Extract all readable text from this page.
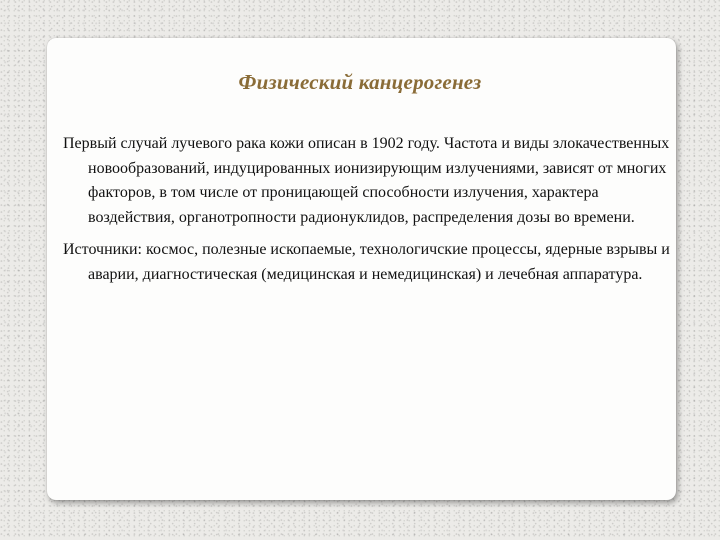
Физический канцерогенез
Первый случай лучевого рака кожи описан в 1902 году. Частота и виды злокачественных новообразований, индуцированных ионизирующим излучениями, зависят от многих факторов, в том числе от проницающей способности излучения, характера воздействия, органотропности радионуклидов, распределения дозы во времени.
Источники: космос, полезные ископаемые, технологичские процессы, ядерные взрывы и аварии, диагностическая (медицинская и немедицинская) и лечебная аппаратура.
